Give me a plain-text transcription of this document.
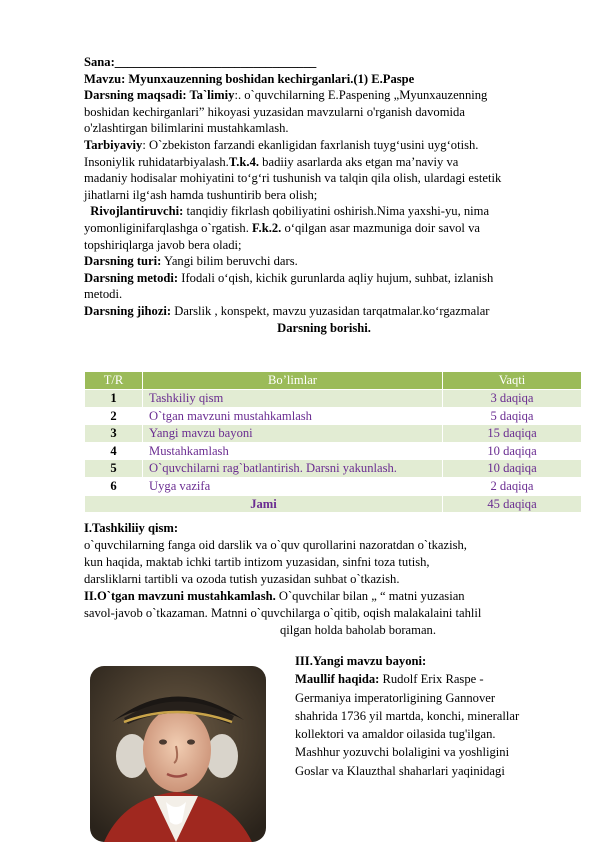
Sana:________________________________
Mavzu: Myunxauzenning boshidan kechirganlari.(1) E.Paspe
Darsning maqsadi: Ta`limiy:. o`quvchilarning E.Paspening „Myunxauzenning
boshidan kechirganlari” hikoyasi yuzasidan mavzularni o'rganish davomida
o'zlashtirgan bilimlarini mustahkamlash.
Tarbiyaviy: O`zbekiston farzandi ekanligidan faxrlanish tuyg‘usini uyg‘otish.
Insoniylik ruhidatarbiyalash.T.k.4. badiiy asarlarda aks etgan ma’naviy va
madaniy hodisalar mohiyatini to‘g‘ri tushunish va talqin qila olish, ulardagi estetik
jihatlarni ilg‘ash hamda tushuntirib bera olish;
Rivojlantiruvchi: tanqidiy fikrlash qobiliyatini oshirish.Nima yaxshi-yu, nima
yomonliginifarqlashga o`rgatish. F.k.2. o‘qilgan asar mazmuniga doir savol va
topshiriqlarga javob bera oladi;
Darsning turi: Yangi bilim beruvchi dars.
Darsning metodi: Ifodali o‘qish, kichik gurunlarda aqliy hujum, suhbat, izlanish
metodi.
Darsning jihozi: Darslik , konspekt, mavzu yuzasidan tarqatmalar.ko‘rgazmalar
Darsning borishi.
T/R	Bo’limlar	Vaqti
1	Tashkiliy qism	3 daqiqa
2	O`tgan mavzuni mustahkamlash	5 daqiqa
3	Yangi mavzu bayoni	15 daqiqa
4	Mustahkamlash	10 daqiqa
5	O`quvchilarni rag`batlantirish. Darsni yakunlash.	10 daqiqa
6	Uyga vazifa	2 daqiqa
Jami		45 daqiqa
I.Tashkiliiy qism:
o`quvchilarning fanga oid darslik va o`quv qurollarini nazoratdan o`tkazish,
kun haqida, maktab ichki tartib intizom yuzasidan, sinfni toza tutish,
darsliklarni tartibli va ozoda tutish yuzasidan suhbat o`tkazish.
II.O`tgan mavzuni mustahkamlash. O`quvchilar bilan „ “ matni yuzasian
savol-javob o`tkazaman. Matnni o`quvchilarga o`qitib, oqish malakalaini tahlil
qilgan holda baholab boraman.
III.Yangi mavzu bayoni:
Maullif haqida: Rudolf Erix Raspe -
Germaniya imperatorligining Gannover
shahrida 1736 yil martda, konchi, minerallar
kollektori va amaldor oilasida tug'ilgan.
Mashhur yozuvchi bolaligini va yoshligini
Goslar va Klauzthal shaharlari yaqinidagi
